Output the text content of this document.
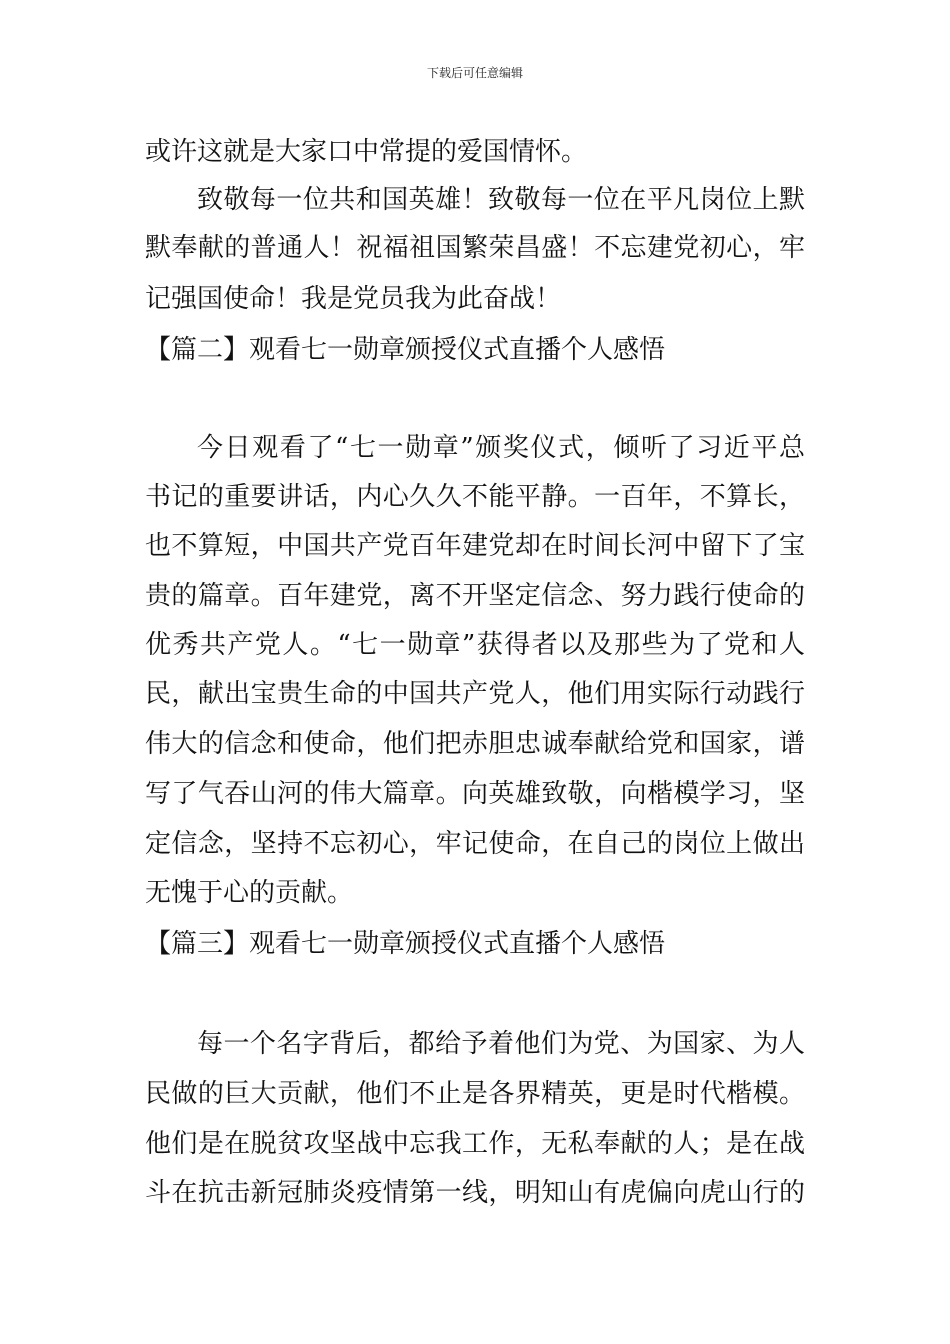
下载后可任意编辑
或许这就是大家口中常提的爱国情怀。
致敬每一位共和国英雄！致敬每一位在平凡岗位上默
默奉献的普通人！祝福祖国繁荣昌盛！不忘建党初心，牢
记强国使命！我是党员我为此奋战！
【篇二】观看七一勋章颁授仪式直播个人感悟
今日观看了“七一勋章”颁奖仪式，倾听了习近平总
书记的重要讲话，内心久久不能平静。一百年，不算长，
也不算短，中国共产党百年建党却在时间长河中留下了宝
贵的篇章。百年建党，离不开坚定信念、努力践行使命的
优秀共产党人。“七一勋章”获得者以及那些为了党和人
民，献出宝贵生命的中国共产党人，他们用实际行动践行
伟大的信念和使命，他们把赤胆忠诚奉献给党和国家，谱
写了气吞山河的伟大篇章。向英雄致敬，向楷模学习，坚
定信念，坚持不忘初心，牢记使命，在自己的岗位上做出
无愧于心的贡献。
【篇三】观看七一勋章颁授仪式直播个人感悟
每一个名字背后，都给予着他们为党、为国家、为人
民做的巨大贡献，他们不止是各界精英，更是时代楷模。
他们是在脱贫攻坚战中忘我工作，无私奉献的人；是在战
斗在抗击新冠肺炎疫情第一线，明知山有虎偏向虎山行的
